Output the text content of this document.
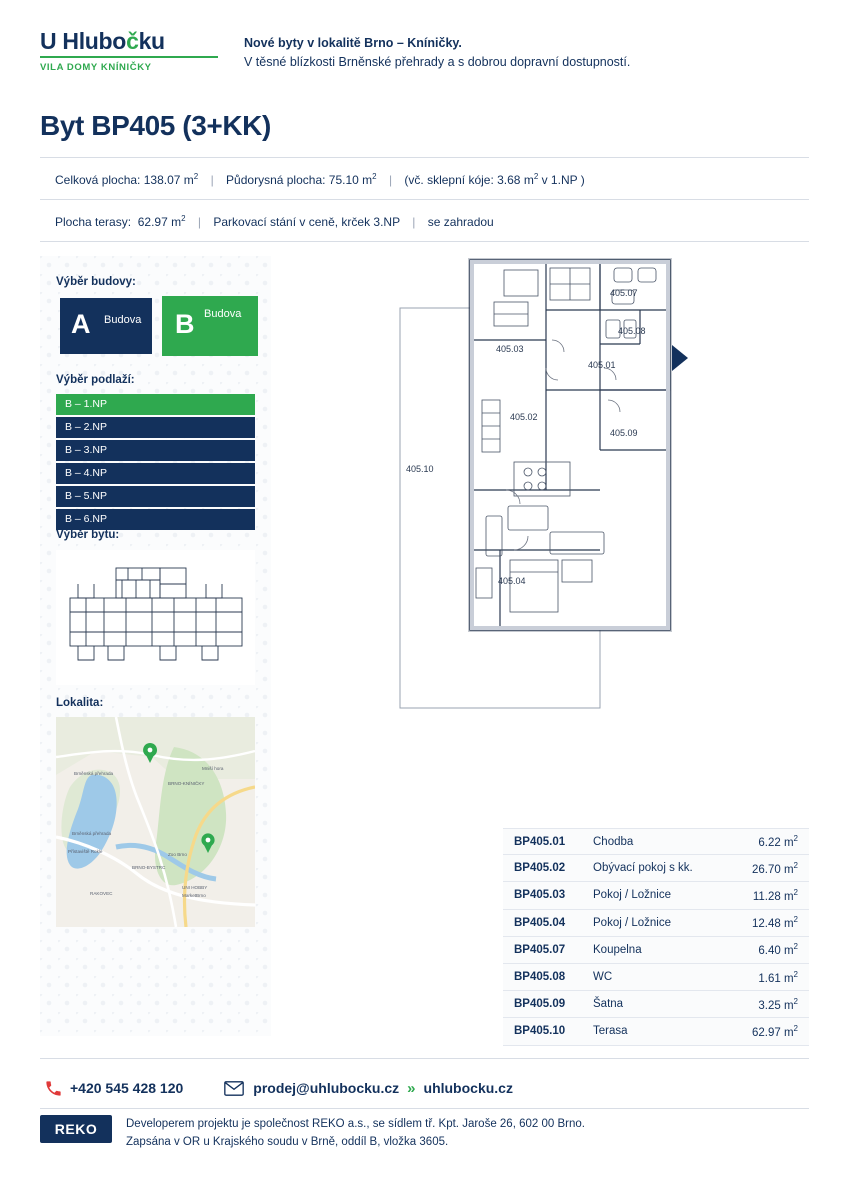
U Hlubočku
VILA DOMY KNÍNIČKY
Nové byty v lokalitě Brno – Kníničky.
V těsné blízkosti Brněnské přehrady a s dobrou dopravní dostupností.
Byt BP405 (3+KK)
Celková plocha: 138.07 $m^2$ | Půdorysná plocha: 75.10 $m^2$ | (vč. sklepní kóje: 3.68 $m^2$ v 1.NP )
Plocha terasy: 62.97 $m^2$ | Parkovací stání v ceně, krček 3.NP | se zahradou
Výběr budovy:
A Budova B Budova
Výběr podlaží:
B – 1.NP
B – 2.NP
B – 3.NP
B – 4.NP
B – 5.NP
B – 6.NP
Výběr bytu:
Lokalita:
Brněnská přehrada
BRNO-KNÍNIČKY
Mniší hora
Brněnská přehrada
Přístaviště Rokle
BRNO-BYSTRC
Zoo Brno
RAKOVEC
UNI HOBBY
MarketBrno
405.07
405.03
405.08
405.01
405.02
405.09
405.10
405.04
BP405.01	Chodba	6.22 $m^2$
BP405.02	Obývací pokoj s kk.	26.70 $m^2$
BP405.03	Pokoj / Ložnice	11.28 $m^2$
BP405.04	Pokoj / Ložnice	12.48 $m^2$
BP405.07	Koupelna	6.40 $m^2$
BP405.08	WC	1.61 $m^2$
BP405.09	Šatna	3.25 $m^2$
BP405.10	Terasa	62.97 $m^2$
+420 545 428 120	prodej@uhlubocku.cz » uhlubocku.cz
REKO	Developerem projektu je společnost REKO a.s., se sídlem tř. Kpt. Jaroše 26, 602 00 Brno.
Zapsána v OR u Krajského soudu v Brně, oddíl B, vložka 3605.
